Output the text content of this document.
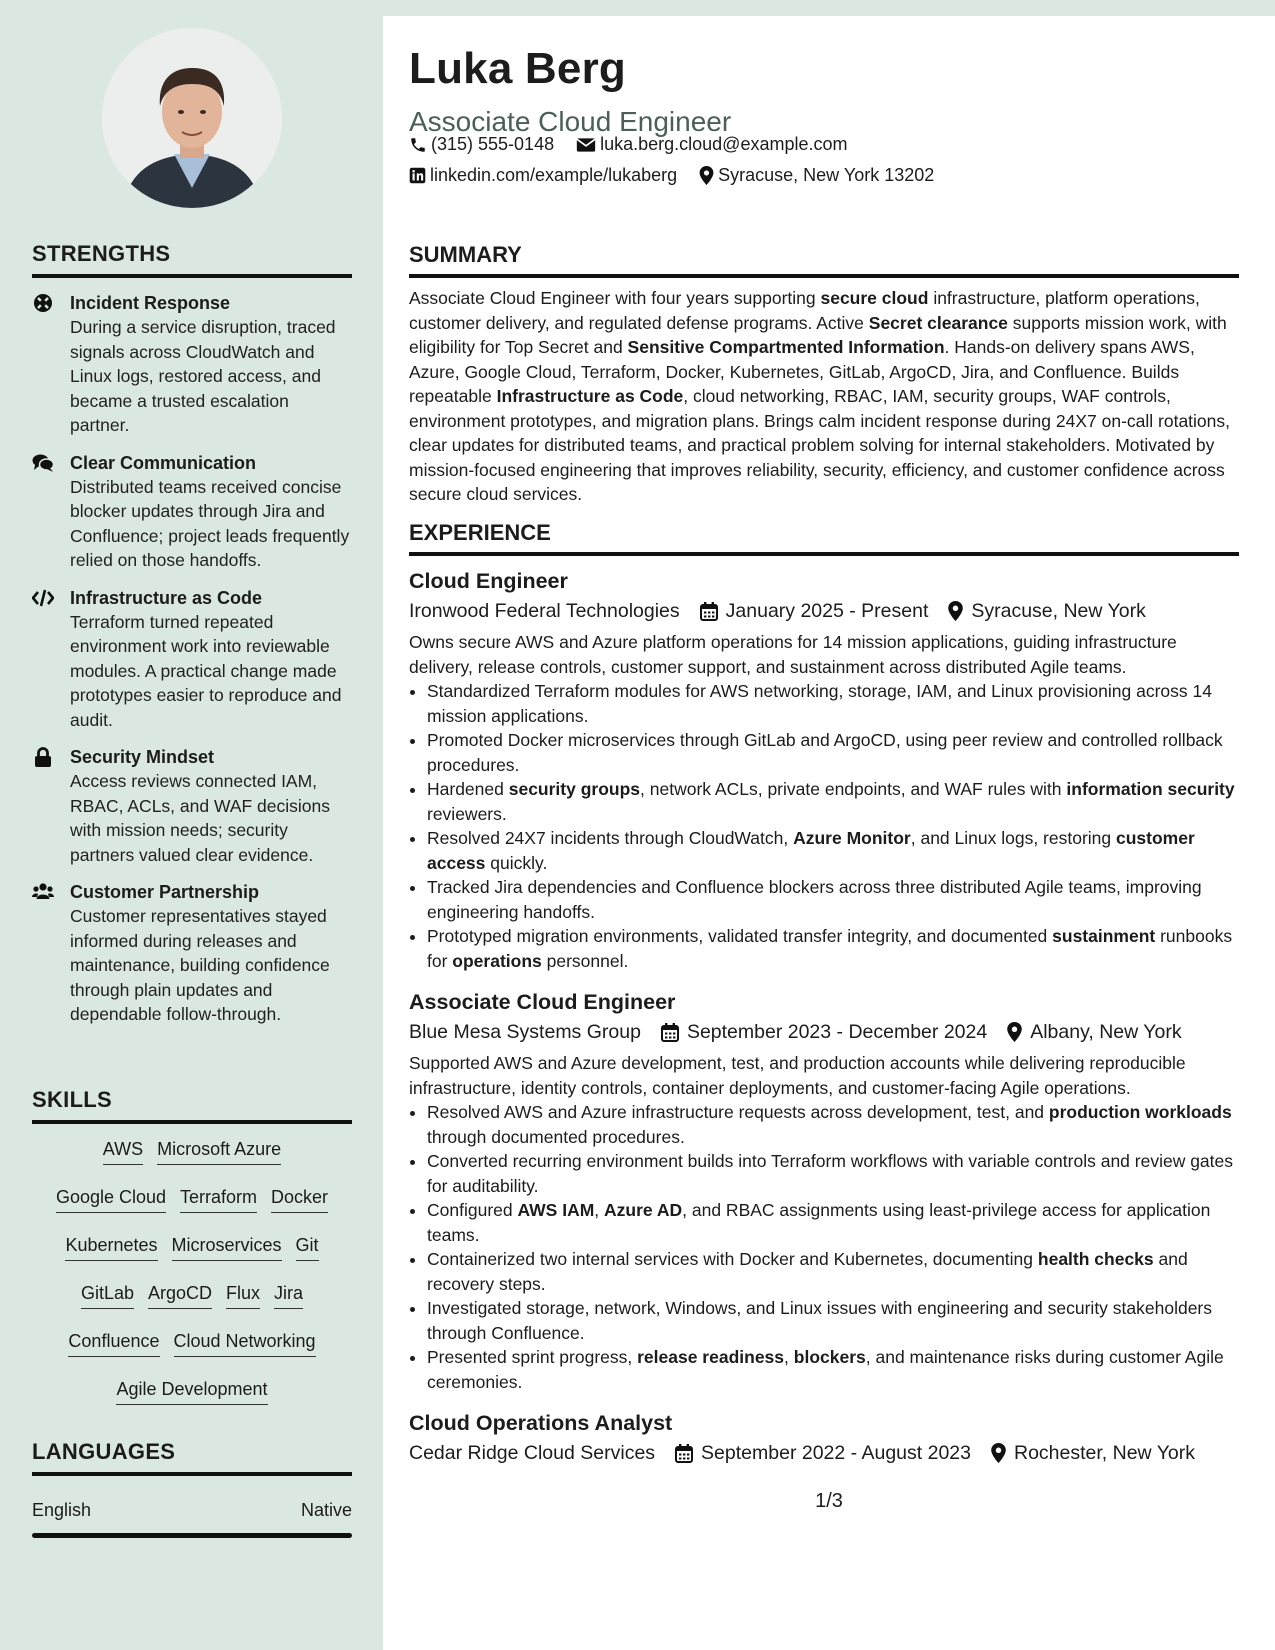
STRENGTHS
Incident Response
During a service disruption, traced signals across CloudWatch and Linux logs, restored access, and became a trusted escalation partner.
Clear Communication
Distributed teams received concise blocker updates through Jira and Confluence; project leads frequently relied on those handoffs.
Infrastructure as Code
Terraform turned repeated environment work into reviewable modules. A practical change made prototypes easier to reproduce and audit.
Security Mindset
Access reviews connected IAM, RBAC, ACLs, and WAF decisions with mission needs; security partners valued clear evidence.
Customer Partnership
Customer representatives stayed informed during releases and maintenance, building confidence through plain updates and dependable follow-through.
SKILLS
AWS Microsoft Azure
Google Cloud Terraform Docker
Kubernetes Microservices Git
GitLab ArgoCD Flux Jira
Confluence Cloud Networking
Agile Development
LANGUAGES
English	Native
Luka Berg
Associate Cloud Engineer
(315) 555-0148	luka.berg.cloud@example.com
linkedin.com/example/lukaberg Syracuse, New York 13202
SUMMARY
Associate Cloud Engineer with four years supporting secure cloud infrastructure, platform operations, customer delivery, and regulated defense programs. Active Secret clearance supports mission work, with eligibility for Top Secret and Sensitive Compartmented Information. Hands-on delivery spans AWS, Azure, Google Cloud, Terraform, Docker, Kubernetes, GitLab, ArgoCD, Jira, and Confluence. Builds repeatable Infrastructure as Code, cloud networking, RBAC, IAM, security groups, WAF controls, environment prototypes, and migration plans. Brings calm incident response during 24X7 on-call rotations, clear updates for distributed teams, and practical problem solving for internal stakeholders. Motivated by mission-focused engineering that improves reliability, security, efficiency, and customer confidence across secure cloud services.
EXPERIENCE
Cloud Engineer
Ironwood Federal Technologies January 2025 - Present Syracuse, New York
Owns secure AWS and Azure platform operations for 14 mission applications, guiding infrastructure delivery, release controls, customer support, and sustainment across distributed Agile teams.
• Standardized Terraform modules for AWS networking, storage, IAM, and Linux provisioning across 14 mission applications.
• Promoted Docker microservices through GitLab and ArgoCD, using peer review and controlled rollback procedures.
• Hardened security groups, network ACLs, private endpoints, and WAF rules with information security reviewers.
• Resolved 24X7 incidents through CloudWatch, Azure Monitor, and Linux logs, restoring customer access quickly.
• Tracked Jira dependencies and Confluence blockers across three distributed Agile teams, improving engineering handoffs.
• Prototyped migration environments, validated transfer integrity, and documented sustainment runbooks for operations personnel.
Associate Cloud Engineer
Blue Mesa Systems Group September 2023 - December 2024 Albany, New York
Supported AWS and Azure development, test, and production accounts while delivering reproducible infrastructure, identity controls, container deployments, and customer-facing Agile operations.
• Resolved AWS and Azure infrastructure requests across development, test, and production workloads through documented procedures.
• Converted recurring environment builds into Terraform workflows with variable controls and review gates for auditability.
• Configured AWS IAM, Azure AD, and RBAC assignments using least-privilege access for application teams.
• Containerized two internal services with Docker and Kubernetes, documenting health checks and recovery steps.
• Investigated storage, network, Windows, and Linux issues with engineering and security stakeholders through Confluence.
• Presented sprint progress, release readiness, blockers, and maintenance risks during customer Agile ceremonies.
Cloud Operations Analyst
Cedar Ridge Cloud Services September 2022 - August 2023 Rochester, New York
1/3
